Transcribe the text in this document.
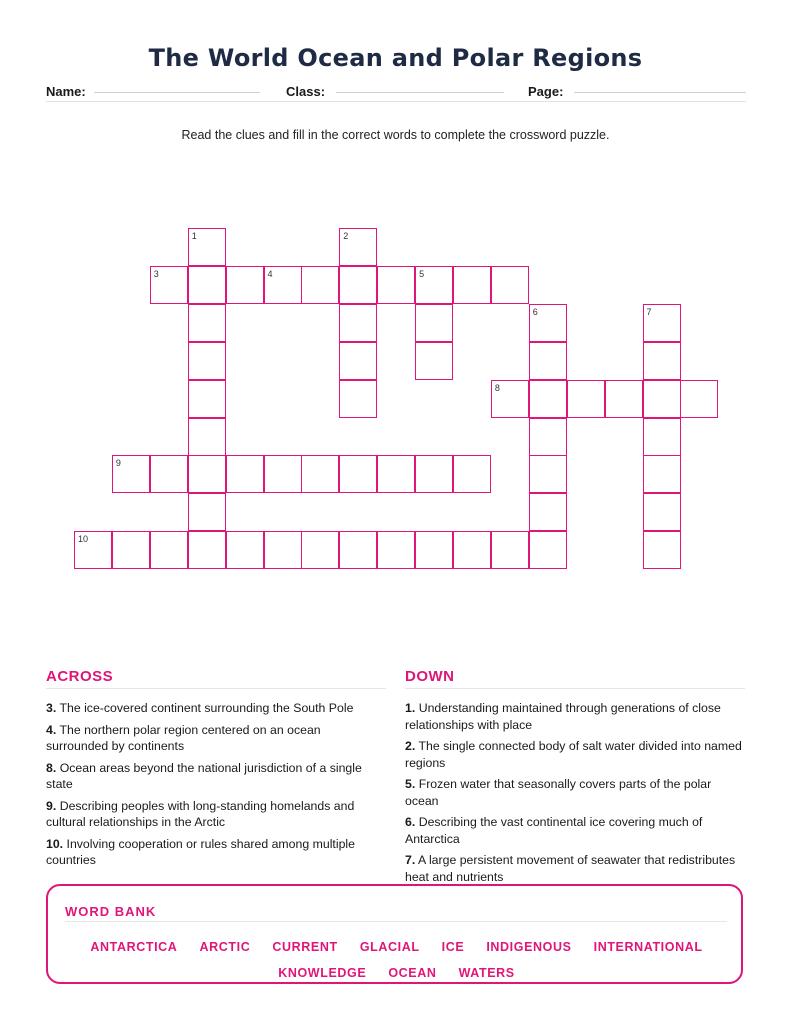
The World Ocean and Polar Regions
Name:	Class:	Page:
Read the clues and fill in the correct words to complete the crossword puzzle.
1	2
3	4	5
6	7
8
9
10
ACROSS
3. The ice-covered continent surrounding the South Pole
4. The northern polar region centered on an ocean surrounded by continents
8. Ocean areas beyond the national jurisdiction of a single state
9. Describing peoples with long-standing homelands and cultural relationships in the Arctic
10. Involving cooperation or rules shared among multiple countries
DOWN
1. Understanding maintained through generations of close relationships with place
2. The single connected body of salt water divided into named regions
5. Frozen water that seasonally covers parts of the polar ocean
6. Describing the vast continental ice covering much of Antarctica
7. A large persistent movement of seawater that redistributes heat and nutrients
WORD BANK
ANTARCTICA ARCTIC CURRENT GLACIAL ICE INDIGENOUS INTERNATIONAL
KNOWLEDGE OCEAN WATERS
